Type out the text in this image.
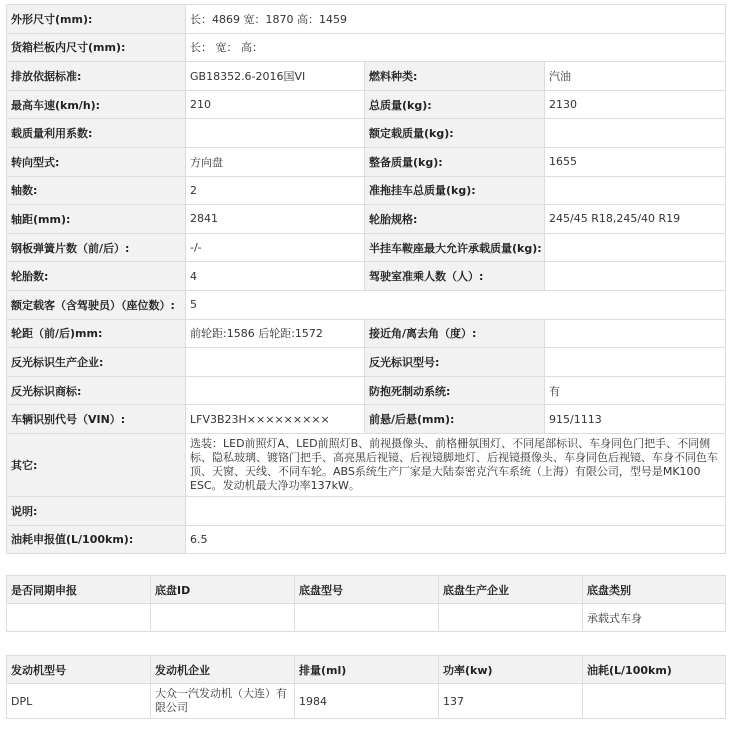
外形尺寸(mm):	长：4869 宽：1870 高：1459		
货箱栏板内尺寸(mm):	长： 宽： 高：		
排放依据标准:	GB18352.6-2016国VI	燃料种类:	汽油
最高车速(km/h):	210	总质量(kg):	2130
载质量利用系数:		额定载质量(kg):	
转向型式:	方向盘	整备质量(kg):	1655
轴数:	2	准拖挂车总质量(kg):	
轴距(mm):	2841	轮胎规格:	245/45 R18,245/40 R19
钢板弹簧片数（前/后）:	-/-	半挂车鞍座最大允许承载质量(kg):	
轮胎数:	4	驾驶室准乘人数（人）:	
额定载客（含驾驶员）（座位数）:	5		
轮距（前/后)mm:	前轮距:1586 后轮距:1572	接近角/离去角（度）:	
反光标识生产企业:		反光标识型号:	
反光标识商标:		防抱死制动系统:	有
车辆识别代号（VIN）:	LFV3B23H×××××××××	前悬/后悬(mm):	915/1113
其它:	选装：LED前照灯A、LED前照灯B、前视摄像头、前格栅氛围灯、不同尾部标识、车身同色门把手、不同侧标、隐私玻璃、镀铬门把手、高亮黑后视镜、后视镜脚地灯、后视镜摄像头、车身同色后视镜、车身不同色车顶、天窗、天线、不同车轮。ABS系统生产厂家是大陆泰密克汽车系统（上海）有限公司，型号是MK100 ESC。发动机最大净功率137kW。		
说明:			
油耗申报值(L/100km):	6.5		
是否同期申报	底盘ID	底盘型号	底盘生产企业	底盘类别
				承载式车身
发动机型号	发动机企业	排量(ml)	功率(kw)	油耗(L/100km)
DPL	大众一汽发动机（大连）有限公司	1984	137	
